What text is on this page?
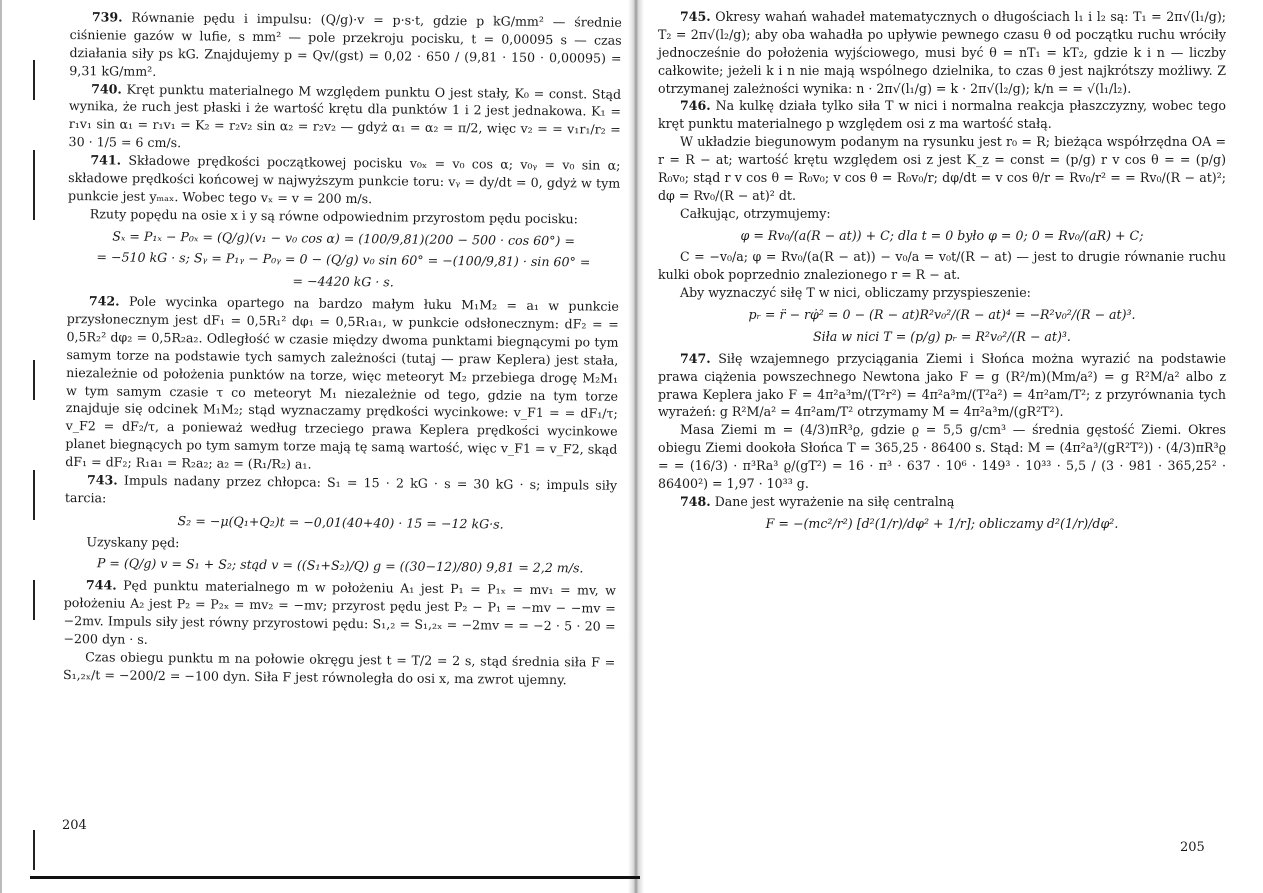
739. Równanie pędu i impulsu: (Q/g)·v = p·s·t, gdzie p kG/mm² — średnie ciśnienie gazów w lufie, s mm² — pole przekroju pocisku, t = 0,00095 s — czas działania siły ps kG. Znajdujemy p = Qv/(gst) = 0,02 · 650 / (9,81 · 150 · 0,00095) = 9,31 kG/mm².

740. Kręt punktu materialnego M względem punktu O jest stały, K₀ = const. Stąd wynika, że ruch jest płaski i że wartość krętu dla punktów 1 i 2 jest jednakowa. K₁ = r₁v₁ sin α₁ = r₁v₁ = K₂ = r₂v₂ sin α₂ = r₂v₂ — gdyż α₁ = α₂ = π/2, więc v₂ = = v₁r₁/r₂ = 30 · 1/5 = 6 cm/s.

741. Składowe prędkości początkowej pocisku v₀ₓ = v₀ cos α; v₀ᵧ = v₀ sin α; składowe prędkości końcowej w najwyższym punkcie toru: vᵧ = dy/dt = 0, gdyż w tym punkcie jest yₘₐₓ. Wobec tego vₓ = v = 200 m/s.

Rzuty popędu na osie x i y są równe odpowiednim przyrostom pędu pocisku:

Sₓ = P₁ₓ − P₀ₓ = (Q/g)(v₁ − v₀ cos α) = (100/9,81)(200 − 500 · cos 60°) =

= −510 kG · s; Sᵧ = P₁ᵧ − P₀ᵧ = 0 − (Q/g) v₀ sin 60° = −(100/9,81) · sin 60° =

= −4420 kG · s.

742. Pole wycinka opartego na bardzo małym łuku M₁M₂ = a₁ w punkcie przysłonecznym jest dF₁ = 0,5R₁² dφ₁ = 0,5R₁a₁, w punkcie odsłonecznym: dF₂ = = 0,5R₂² dφ₂ = 0,5R₂a₂. Odległość w czasie między dwoma punktami biegnącymi po tym samym torze na podstawie tych samych zależności (tutaj — praw Keplera) jest stała, niezależnie od położenia punktów na torze, więc meteoryt M₂ przebiega drogę M₂M₁ w tym samym czasie τ co meteoryt M₁ niezależnie od tego, gdzie na tym torze znajduje się odcinek M₁M₂; stąd wyznaczamy prędkości wycinkowe: v_F1 = = dF₁/τ; v_F2 = dF₂/τ, a ponieważ według trzeciego prawa Keplera prędkości wycinkowe planet biegnących po tym samym torze mają tę samą wartość, więc v_F1 = v_F2, skąd dF₁ = dF₂; R₁a₁ = R₂a₂; a₂ = (R₁/R₂) a₁.

743. Impuls nadany przez chłopca: S₁ = 15 · 2 kG · s = 30 kG · s; impuls siły tarcia:

S₂ = −μ(Q₁+Q₂)t = −0,01(40+40) · 15 = −12 kG·s.

Uzyskany pęd:

P = (Q/g) v = S₁ + S₂; stąd v = ((S₁+S₂)/Q) g = ((30−12)/80) 9,81 = 2,2 m/s.

744. Pęd punktu materialnego m w położeniu A₁ jest P₁ = P₁ₓ = mv₁ = mv, w położeniu A₂ jest P₂ = P₂ₓ = mv₂ = −mv; przyrost pędu jest P₂ − P₁ = −mv − −mv = −2mv. Impuls siły jest równy przyrostowi pędu: S₁,₂ = S₁,₂ₓ = −2mv = = −2 · 5 · 20 = −200 dyn · s.

Czas obiegu punktu m na połowie okręgu jest t = T/2 = 2 s, stąd średnia siła F = S₁,₂ₓ/t = −200/2 = −100 dyn. Siła F jest równoległa do osi x, ma zwrot ujemny.

204

745. Okresy wahań wahadeł matematycznych o długościach l₁ i l₂ są: T₁ = 2π√(l₁/g); T₂ = 2π√(l₂/g); aby oba wahadła po upływie pewnego czasu θ od początku ruchu wróciły jednocześnie do położenia wyjściowego, musi być θ = nT₁ = kT₂, gdzie k i n — liczby całkowite; jeżeli k i n nie mają wspólnego dzielnika, to czas θ jest najkrótszy możliwy. Z otrzymanej zależności wynika: n · 2π√(l₁/g) = k · 2π√(l₂/g); k/n = = √(l₁/l₂).

746. Na kulkę działa tylko siła T w nici i normalna reakcja płaszczyzny, wobec tego kręt punktu materialnego p względem osi z ma wartość stałą.

W układzie biegunowym podanym na rysunku jest r₀ = R; bieżąca współrzędna OA = r = R − at; wartość krętu względem osi z jest K_z = const = (p/g) r v cos θ = = (p/g) R₀v₀; stąd r v cos θ = R₀v₀; v cos θ = R₀v₀/r; dφ/dt = v cos θ/r = Rv₀/r² = = Rv₀/(R − at)²; dφ = Rv₀/(R − at)² dt.

Całkując, otrzymujemy:

φ = Rv₀/(a(R − at)) + C; dla t = 0 było φ = 0; 0 = Rv₀/(aR) + C;

C = −v₀/a; φ = Rv₀/(a(R − at)) − v₀/a = v₀t/(R − at) — jest to drugie równanie ruchu kulki obok poprzednio znalezionego r = R − at.

Aby wyznaczyć siłę T w nici, obliczamy przyspieszenie:

pᵣ = r̈ − rφ̇² = 0 − (R − at)R²v₀²/(R − at)⁴ = −R²v₀²/(R − at)³.

Siła w nici T = (p/g) pᵣ = R²v₀²/(R − at)³.

747. Siłę wzajemnego przyciągania Ziemi i Słońca można wyrazić na podstawie prawa ciążenia powszechnego Newtona jako F = g (R²/m)(Mm/a²) = g R²M/a² albo z prawa Keplera jako F = 4π²a³m/(T²r²) = 4π²a³m/(T²a²) = 4π²am/T²; z przyrównania tych wyrażeń: g R²M/a² = 4π²am/T² otrzymamy M = 4π²a³m/(gR²T²).

Masa Ziemi m = (4/3)πR³ϱ, gdzie ϱ = 5,5 g/cm³ — średnia gęstość Ziemi. Okres obiegu Ziemi dookoła Słońca T = 365,25 · 86400 s. Stąd: M = (4π²a³/(gR²T²)) · (4/3)πR³ϱ = = (16/3) · π³Ra³ ϱ/(gT²) = 16 · π³ · 637 · 10⁶ · 149³ · 10³³ · 5,5 / (3 · 981 · 365,25² · 86400²) = 1,97 · 10³³ g.

748. Dane jest wyrażenie na siłę centralną

F = −(mc²/r²) [d²(1/r)/dφ² + 1/r]; obliczamy d²(1/r)/dφ².

205
